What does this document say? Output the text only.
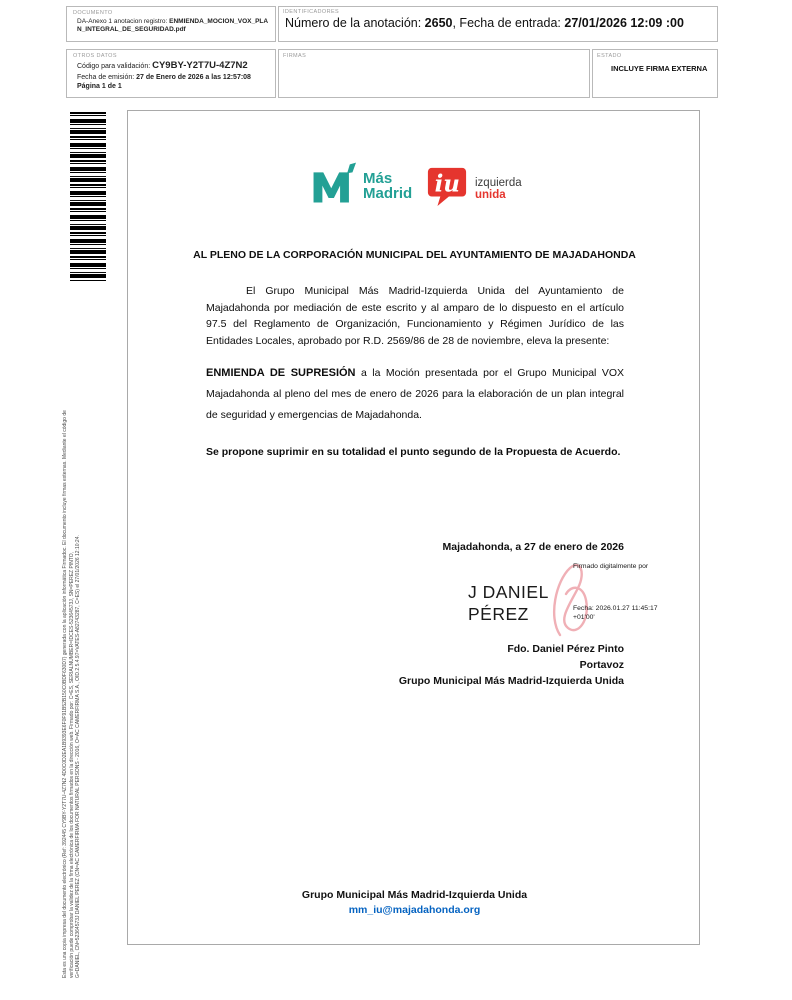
DOCUMENTO
DA-Anexo 1 anotacion registro: ENMIENDA_MOCION_VOX_PLAN_INTEGRAL_DE_SEGURIDAD.pdf
IDENTIFICADORES
Número de la anotación: 2650, Fecha de entrada: 27/01/2026 12:09 :00
OTROS DATOS
Código para validación: CY9BY-Y2T7U-4Z7N2
Fecha de emisión: 27 de Enero de 2026 a las 12:57:08
Página 1 de 1
FIRMAS	ESTADO
INCLUYE FIRMA EXTERNA
Esta es una copia impresa del documento electrónico (Ref: 392445 CY9BY-Y2T7U-4Z7N2 4D0C0D2EA1B9393E6F0F91B52B150C0BDF630D7) generada con la aplicación informática Firmadoc. El documento incluye firmas externas. Mediante el código de verificación puede comprobar la validez de la firma electrónica de los documentos firmados en la dirección web. Firmado por: C=ES, SERIALNUMBER=IDCES-52364573J, SN=PEREZ PINTO, G=DANIEL, CN=52364573J DANIEL PEREZ (CN=AC CAMERFIRMA FOR NATURAL PERSONS - 2016, O=AC CAMERFIRMA S.A., OID.2.5.4.97=VATES-A82743287, C=ES) el 27/01/2026 12:10:24.
Más
Madrid iu izquierda
unida
AL PLENO DE LA CORPORACIÓN MUNICIPAL DEL AYUNTAMIENTO DE MAJADAHONDA
El Grupo Municipal Más Madrid-Izquierda Unida del Ayuntamiento de Majadahonda por mediación de este escrito y al amparo de lo dispuesto en el artículo 97.5 del Reglamento de Organización, Funcionamiento y Régimen Jurídico de las Entidades Locales, aprobado por R.D. 2569/86 de 28 de noviembre, eleva la presente:
ENMIENDA DE SUPRESIÓN a la Moción presentada por el Grupo Municipal VOX Majadahonda al pleno del mes de enero de 2026 para la elaboración de un plan integral de seguridad y emergencias de Majadahonda.
Se propone suprimir en su totalidad el punto segundo de la Propuesta de Acuerdo.
Majadahonda, a 27 de enero de 2026
J DANIEL
PÉREZ
Firmado digitalmente por
Fecha: 2026.01.27 11:45:17 +01'00'
Fdo. Daniel Pérez Pinto
Portavoz
Grupo Municipal Más Madrid-Izquierda Unida
Grupo Municipal Más Madrid-Izquierda Unida
mm_iu@majadahonda.org
